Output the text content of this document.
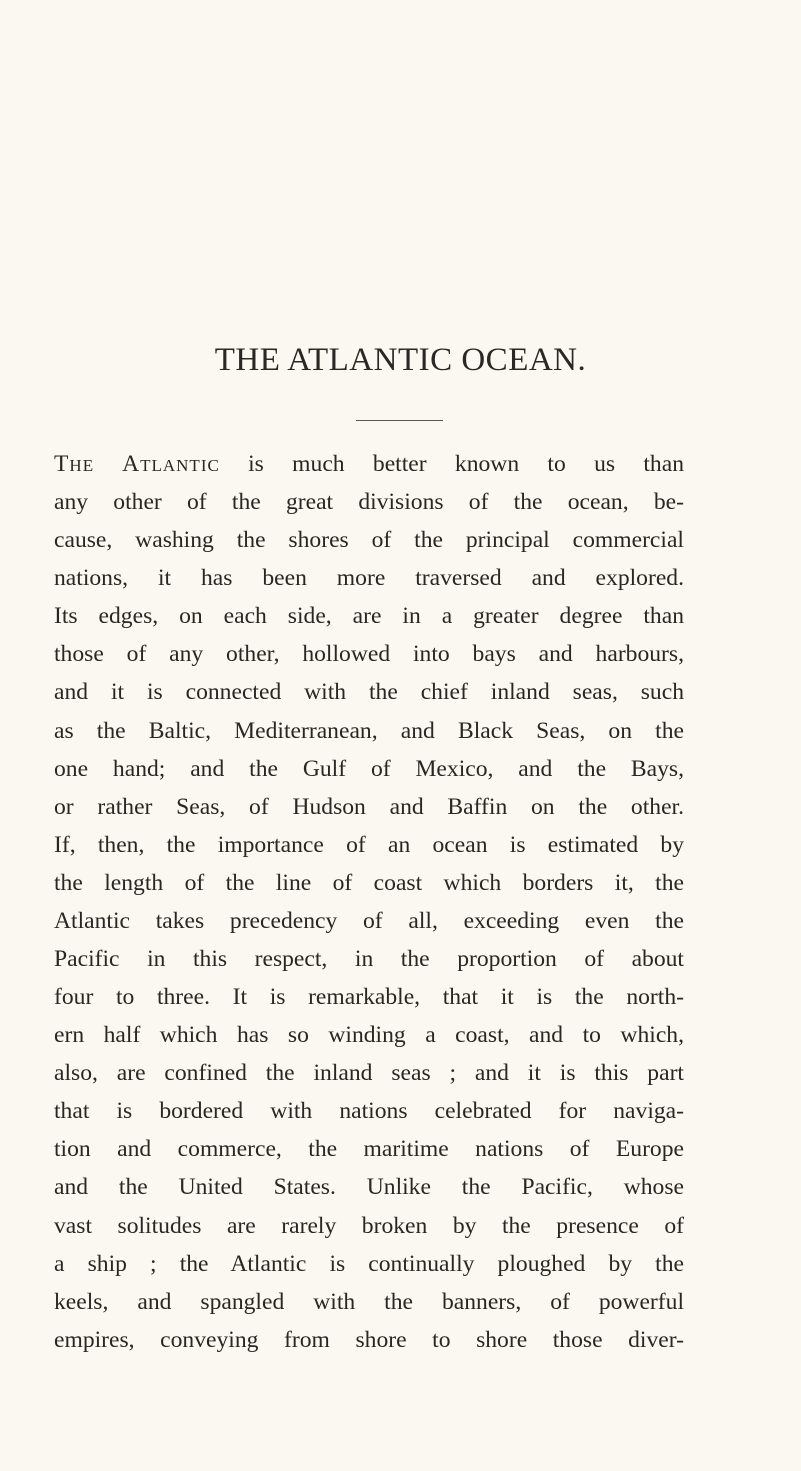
THE ATLANTIC OCEAN.
The Atlantic is much better known to us than
any other of the great divisions of the ocean, be-
cause, washing the shores of the principal commercial
nations, it has been more traversed and explored.
Its edges, on each side, are in a greater degree than
those of any other, hollowed into bays and harbours,
and it is connected with the chief inland seas, such
as the Baltic, Mediterranean, and Black Seas, on the
one hand; and the Gulf of Mexico, and the Bays,
or rather Seas, of Hudson and Baffin on the other.
If, then, the importance of an ocean is estimated by
the length of the line of coast which borders it, the
Atlantic takes precedency of all, exceeding even the
Pacific in this respect, in the proportion of about
four to three. It is remarkable, that it is the north-
ern half which has so winding a coast, and to which,
also, are confined the inland seas ; and it is this part
that is bordered with nations celebrated for naviga-
tion and commerce, the maritime nations of Europe
and the United States. Unlike the Pacific, whose
vast solitudes are rarely broken by the presence of
a ship ; the Atlantic is continually ploughed by the
keels, and spangled with the banners, of powerful
empires, conveying from shore to shore those diver-
